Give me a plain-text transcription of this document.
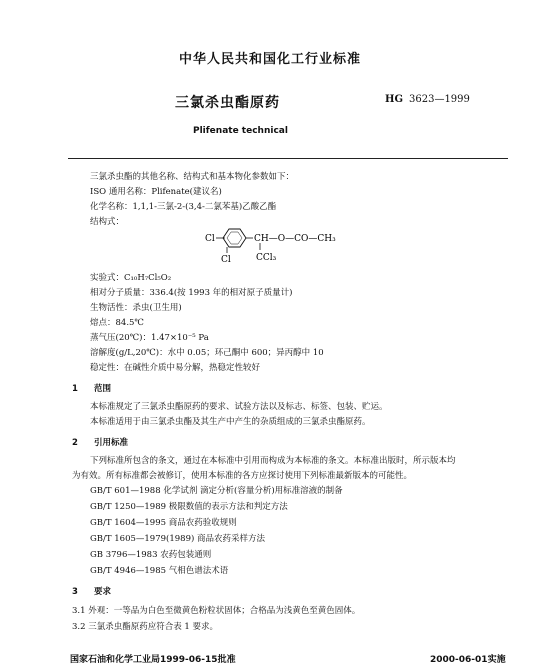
中华人民共和国化工行业标准
三氯杀虫酯原药	HG 3623—1999
Plifenate technical
三氯杀虫酯的其他名称、结构式和基本物化参数如下：
ISO 通用名称：Plifenate(建议名)
化学名称：1,1,1-三氯-2-(3,4-二氯苯基)乙酸乙酯
结构式：
Cl
Cl
CH—O—CO—CH₃
CCl₃
实验式：C₁₀H₇Cl₅O₂
相对分子质量：336.4(按 1993 年的相对原子质量计)
生物活性：杀虫(卫生用)
熔点：84.5℃
蒸气压(20℃)：1.47×10⁻⁵ Pa
溶解度(g/L,20℃)：水中 0.05；环己酮中 600；异丙醇中 10
稳定性：在碱性介质中易分解，热稳定性较好
1 范围
本标准规定了三氯杀虫酯原药的要求、试验方法以及标志、标签、包装、贮运。
本标准适用于由三氯杀虫酯及其生产中产生的杂质组成的三氯杀虫酯原药。
2 引用标准
下列标准所包含的条文，通过在本标准中引用而构成为本标准的条文。本标准出版时，所示版本均
为有效。所有标准都会被修订，使用本标准的各方应探讨使用下列标准最新版本的可能性。
GB/T 601—1988 化学试剂 滴定分析(容量分析)用标准溶液的制备
GB/T 1250—1989 极限数值的表示方法和判定方法
GB/T 1604—1995 商品农药验收规则
GB/T 1605—1979(1989) 商品农药采样方法
GB 3796—1983 农药包装通则
GB/T 4946—1985 气相色谱法术语
3 要求
3.1 外观：一等品为白色至微黄色粉粒状固体；合格品为浅黄色至黄色固体。
3.2 三氯杀虫酯原药应符合表 1 要求。
国家石油和化学工业局1999-06-15批准	2000-06-01实施
